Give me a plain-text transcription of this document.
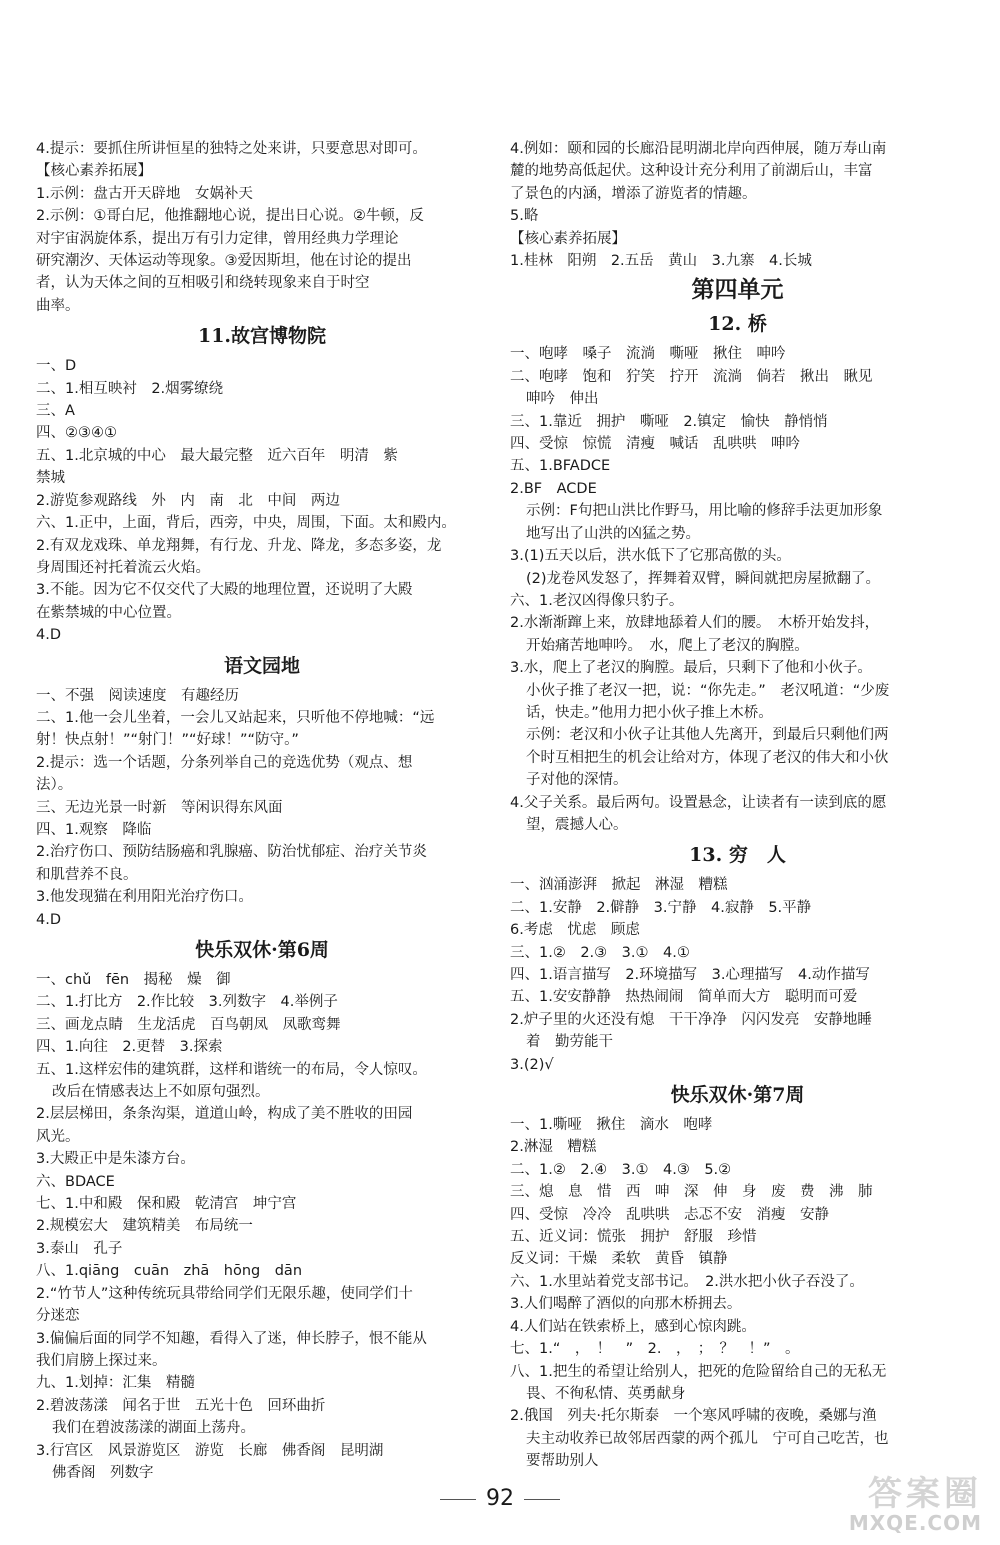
4.提示：要抓住所讲恒星的独特之处来讲，只要意思对即可。
【核心素养拓展】
1.示例：盘古开天辟地　女娲补天
2.示例：①哥白尼，他推翻地心说，提出日心说。②牛顿，反
对宇宙涡旋体系，提出万有引力定律，曾用经典力学理论
研究潮汐、天体运动等现象。③爱因斯坦，他在讨论的提出
者，认为天体之间的互相吸引和绕转现象来自于时空
曲率。
11.故宫博物院
一、D
二、1.相互映衬　2.烟雾缭绕
三、A
四、②③④①
五、1.北京城的中心　最大最完整　近六百年　明清　紫
禁城
2.游览参观路线　外　内　南　北　中间　两边
六、1.正中，上面，背后，西旁，中央，周围，下面。太和殿内。
2.有双龙戏珠、单龙翔舞，有行龙、升龙、降龙，多态多姿，龙
身周围还衬托着流云火焰。
3.不能。因为它不仅交代了大殿的地理位置，还说明了大殿
在紫禁城的中心位置。
4.D
语文园地
一、不强　阅读速度　有趣经历
二、1.他一会儿坐着，一会儿又站起来，只听他不停地喊：“远
射！快点射！”“射门！”“好球！”“防守。”
2.提示：选一个话题，分条列举自己的竞选优势（观点、想
法）。
三、无边光景一时新　等闲识得东风面
四、1.观察　降临
2.治疗伤口、预防结肠癌和乳腺癌、防治忧郁症、治疗关节炎
和肌营养不良。
3.他发现猫在利用阳光治疗伤口。
4.D
快乐双休·第6周
一、chǔ　fēn　揭秘　燥　御
二、1.打比方　2.作比较　3.列数字　4.举例子
三、画龙点睛　生龙活虎　百鸟朝凤　凤歌鸾舞
四、1.向往　2.更替　3.探索
五、1.这样宏伟的建筑群，这样和谐统一的布局，令人惊叹。
改后在情感表达上不如原句强烈。
2.层层梯田，条条沟渠，道道山岭，构成了美不胜收的田园
风光。
3.大殿正中是朱漆方台。
六、BDACE
七、1.中和殿　保和殿　乾清宫　坤宁宫
2.规模宏大　建筑精美　布局统一
3.泰山　孔子
八、1.qiāng　cuān　zhā　hōng　dān
2.“竹节人”这种传统玩具带给同学们无限乐趣，使同学们十
分迷恋
3.偏偏后面的同学不知趣，看得入了迷，伸长脖子，恨不能从
我们肩膀上探过来。
九、1.划掉：汇集　精髓
2.碧波荡漾　闻名于世　五光十色　回环曲折
我们在碧波荡漾的湖面上荡舟。
3.行宫区　风景游览区　游览　长廊　佛香阁　昆明湖
佛香阁　列数字
4.例如：颐和园的长廊沿昆明湖北岸向西伸展，随万寿山南
麓的地势高低起伏。这种设计充分利用了前湖后山，丰富
了景色的内涵，增添了游览者的情趣。
5.略
【核心素养拓展】
1.桂林　阳朔　2.五岳　黄山　3.九寨　4.长城
第四单元
12. 桥
一、咆哮　嗓子　流淌　嘶哑　揪住　呻吟
二、咆哮　饱和　狞笑　拧开　流淌　倘若　揪出　瞅见
呻吟　伸出
三、1.靠近　拥护　嘶哑　2.镇定　愉快　静悄悄
四、受惊　惊慌　清瘦　喊话　乱哄哄　呻吟
五、1.BFADCE
2.BF　ACDE
示例：F句把山洪比作野马，用比喻的修辞手法更加形象
地写出了山洪的凶猛之势。
3.(1)五天以后，洪水低下了它那高傲的头。
(2)龙卷风发怒了，挥舞着双臂，瞬间就把房屋掀翻了。
六、1.老汉凶得像只豹子。
2.水渐渐蹿上来，放肆地舔着人们的腰。　木桥开始发抖，
开始痛苦地呻吟。　水，爬上了老汉的胸膛。
3.水，爬上了老汉的胸膛。最后，只剩下了他和小伙子。
小伙子推了老汉一把，说：“你先走。”　老汉吼道：“少废
话，快走。”他用力把小伙子推上木桥。
示例：老汉和小伙子让其他人先离开，到最后只剩他们两
个时互相把生的机会让给对方，体现了老汉的伟大和小伙
子对他的深情。
4.父子关系。最后两句。设置悬念，让读者有一读到底的愿
望，震撼人心。
13. 穷　人
一、汹涌澎湃　掀起　淋湿　糟糕
二、1.安静　2.僻静　3.宁静　4.寂静　5.平静
6.考虑　忧虑　顾虑
三、1.②　2.③　3.①　4.①
四、1.语言描写　2.环境描写　3.心理描写　4.动作描写
五、1.安安静静　热热闹闹　简单而大方　聪明而可爱
2.炉子里的火还没有熄　干干净净　闪闪发亮　安静地睡
着　勤劳能干
3.(2)√
快乐双休·第7周
一、1.嘶哑　揪住　滴水　咆哮
2.淋湿　糟糕
二、1.②　2.④　3.①　4.③　5.②
三、熄　息　惜　西　呻　深　伸　身　废　费　沸　肺
四、受惊　冷冷　乱哄哄　忐忑不安　消瘦　安静
五、近义词：慌张　拥护　舒服　珍惜
反义词：干燥　柔软　黄昏　镇静
六、1.水里站着党支部书记。　2.洪水把小伙子吞没了。
3.人们喝醉了酒似的向那木桥拥去。
4.人们站在铁索桥上，感到心惊肉跳。
七、1.“　，　！　”　2.　，　；　？　！”　。
八、1.把生的希望让给别人，把死的危险留给自己的无私无
畏、不徇私情、英勇献身
2.俄国　列夫·托尔斯泰　一个寒风呼啸的夜晚，桑娜与渔
夫主动收养已故邻居西蒙的两个孤儿　宁可自己吃苦，也
要帮助别人
92	答案圈
MXQE.COM
